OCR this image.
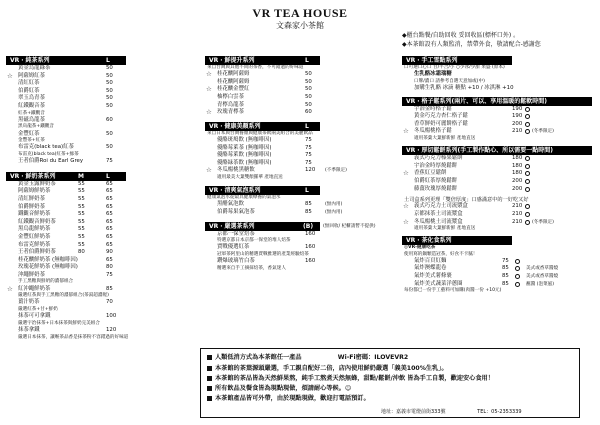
VR TEA HOUSE
文森家小茶館
◆櫃台點餐/自助回收 妥回收區(標杯口外) 。
◆本茶館設有人類監消，禁帶外食，敬請配合-感謝您
VR ‧ 純茶系列	L
黃金烏龍綠茶	50
☆ 阿薩姆紅茶	50
清紅紅茶	50
伯爵紅茶	50
翠玉烏青茶	50
紅鐵觀音茶	50
紅茶+鐵觀音
黑磁烏龍茶	60
黑烏龍茶+鐵觀音
金豐紅茶	50
金豐茶+紅茶
布雷克(black tea)紅茶	50
布雷克(black tea)紅茶+綠茶
王者伯爵Roi du Earl Grey	75
VR ‧ 鮮奶茶系列	M	L
黃金玉露鮮奶茶	55	65
阿薩姆鮮奶茶	55	65
清紅鮮奶茶	55	65
伯爵鮮奶茶	55	65
鐵觀音鮮奶茶	55	65
紅鐵觀音鮮奶茶	55	65
黑烏龍鮮奶茶	55	65
金豐紅鮮奶茶	55	65
布雷克鮮奶茶	55	65
王者伯爵鮮奶茶	80	90
桂花釀鮮奶茶 (無咖啡因)	65
玫瑰花鮮奶茶 (無咖啡因)	80
沖繩鮮奶茶	75
手工黑糖與鮮奶的濃郁組合
☆ 紅沖繩鮮奶茶	85
嚴選紅茶與手工黑糖的濃郁組合(茶湯超濃喔)
薑汁奶茶	70
嚴選紅茶+甘+鮮奶
抹茶可可拿鐵	100
嚴選宇治抹茶+日本抹茶與鮮奶完美組合
抹茶拿鐵	120
嚴選日本抹茶，讓喉茶品香是抹茶粉不容錯過的好味道
VR ‧ 鮮提升系列	L
來自台灣與其他不同的茶香，不可錯過的好味道
☆ 桂花釀阿薩姆	50
桂花釀阿薩姆	50
☆ 桂花釀金豐紅	50
柚檸白雲茶	50
青檸烏龍茶	50
☆ 玫瑰青檸茶	60
VR ‧ 健康美顏系列	L
來自日本與台灣養顏與健康茶飲兩美組合的美麗飲品
優酪斑鳩飲 (無咖啡因)	75
優酪莓萊茶 (無咖啡因)	75
優酪莓萊飲 (無咖啡因)	75
優酪緑茶飲 (無咖啡因)	75
☆ 冬瓜楊桃黑糖飲	120 (不季限定)
適用最美大葉雙顏羅華 產地直送
VR ‧ 清爽氣泡系列	L
健康氣泡水從最具健康療養的氣泡水
黑醋氣泡飲	85	(無內用)
伯爵莓果氣泡茶	85	(無內用)
VR ‧ 嚴選茶系列	(B) (無回收/ 杞櫃請暫不提供)
京都一保堂焙茶	160
特選京都日本京都一保堂的堆人焙茶
賈戰優選紅茶	160
冠軍茶阿里山的精選賈戰雅選的產業經驗焙茶
鑽爆玻璃竹白茶	160
精選來自手工摘採焙茶，香氣迷人
VR ‧ 手工雪點系列
口可選口心口 甘/半合/小 ○少冰/少甜 果盛 (原本)
生乳酪冰霜瑞糖
口牌/濃口 請參考自選天意加或(中)
加購生乳酪 冰滴 糖點 +10 / 冰淇淋 +10
VR ‧ 格子鬆系列(兩片、可以、享用溫暖的鬆軟時間)
宇治金時格子鬆	190
黃金巧克力杏仁格子鬆	190
香草鮮奶可麗餅格子鬆	200
☆ 冬瓜楊桃格子鬆	210 (冬季限定)
適用茶葉大葉鮮新鮮 產地直送
VR ‧ 厚切鬆餅系列(手工製作點心、所以需要一點時間)
義式巧克力榛果鬆餅	180
宇治金時厚燒鬆餅	180
☆ 香蕉紅豆鬆餅	180
伯爵紅茶厚燒鬆餅	200
藤薑玫瑰厚燒鬆餅	200
土司盒系列更理「雙倍厚度」口感滿意中的一好吃又好
☆ 義式巧克力土司流漿盒	210
京都抹茶土司流漿盒	210
☆ 冬瓜楊桃土司流漿盒	210 (冬季限定)
適用茶葉大葉鮮新鮮 產地直送
VR ‧ 茶化食系列
◎VR-健康吃茶
使用寫的鍋顆造冠茶，好食不卡膩！
氣炸百頁紅麵	75
氣炸澳蝶龍卷	85	美式或香草醬燒
氣炸美式薯條裹	85	美式或香草醬燒
氣炸美式蔬菜洋蔥圈	85	蘸醬 (泡菜風)
每份都已一份手工藝料可加購(肉醬一份 +10元)
人類低消方式為本茶館任一產品	Wi-Fi密碼：ILOVEVR2
本茶館的茶葉源頭嚴選，手工親自配好二倍，店內使用鮮奶嚴選「義美100%生乳」。
本茶館的茶品皆為天然鮮果熬，純手工熬煮天然無蜂，甜點/鬆餅/沖飲 皆為手工自製，歡迎安心食用！
所有飲品及餐食皆為現點現做，煩請耐心等候。☺
本茶館產品皆可外帶，由於現點現做，歡迎打電話預訂。
地址：嘉義市電燈前街333號	TEL：05-2353339
